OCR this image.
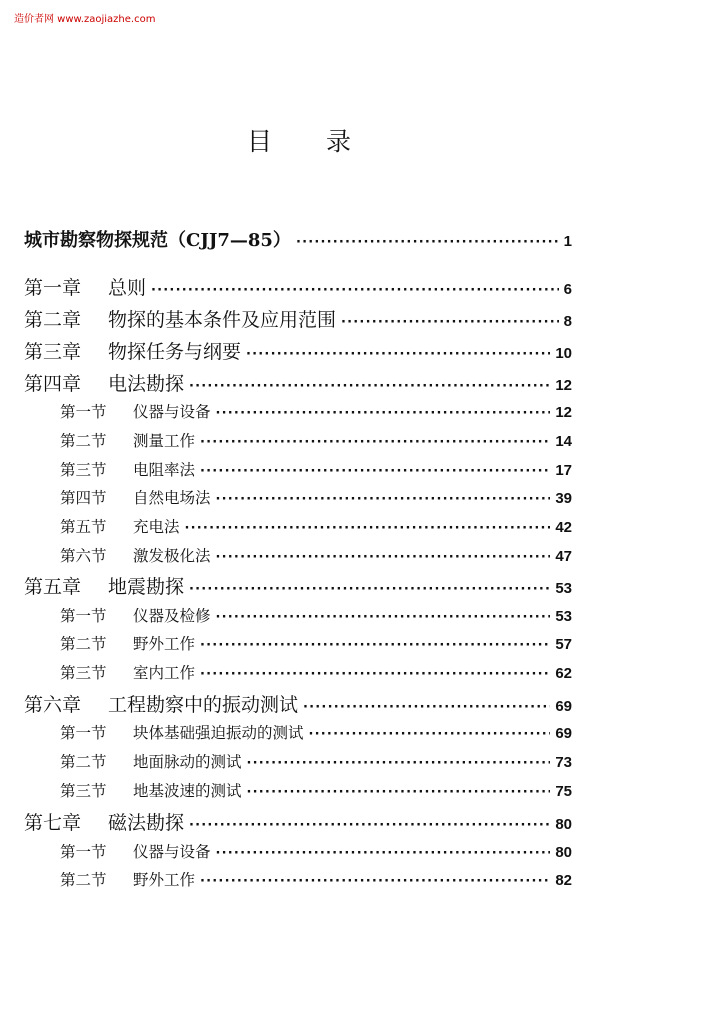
造价者网 www.zaojiazhe.com
目 录
城市勘察物探规范（CJJ7—85） ·····	1
第一章 总则 ·····	6
第二章 物探的基本条件及应用范围 ·····	8
第三章 物探任务与纲要 ·····	10
第四章 电法勘探 ·····	12
第一节 仪器与设备 ·····	12
第二节 测量工作 ·····	14
第三节 电阻率法 ·····	17
第四节 自然电场法 ·····	39
第五节 充电法 ·····	42
第六节 激发极化法 ·····	47
第五章 地震勘探 ·····	53
第一节 仪器及检修 ·····	53
第二节 野外工作 ·····	57
第三节 室内工作 ·····	62
第六章 工程勘察中的振动测试 ·····	69
第一节 块体基础强迫振动的测试 ·····	69
第二节 地面脉动的测试 ·····	73
第三节 地基波速的测试 ·····	75
第七章 磁法勘探 ·····	80
第一节 仪器与设备 ·····	80
第二节 野外工作 ·····	82
